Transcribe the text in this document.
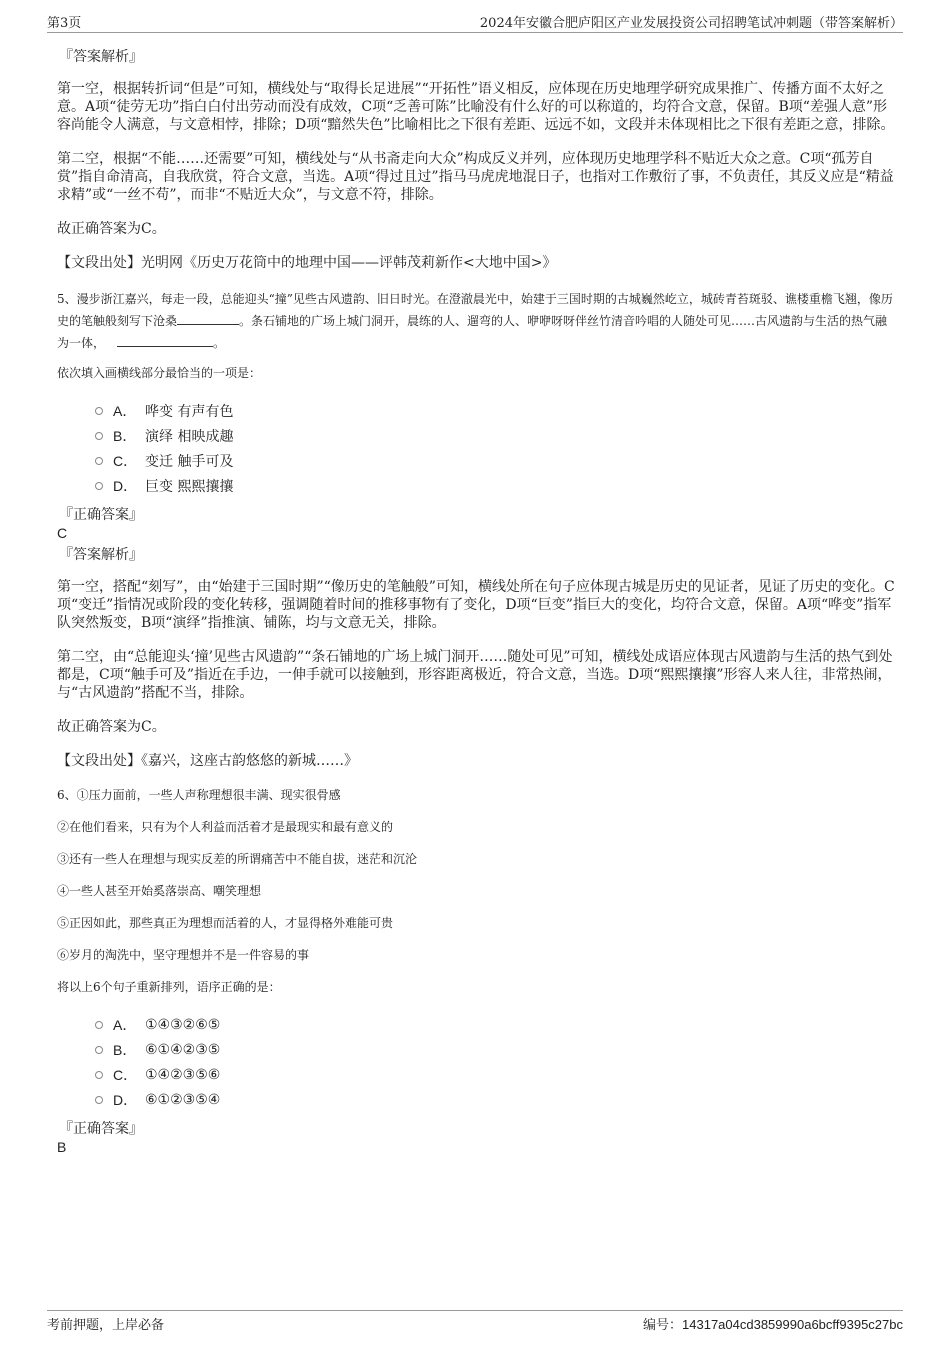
第3页	2024年安徽合肥庐阳区产业发展投资公司招聘笔试冲刺题（带答案解析）

『答案解析』

第一空，根据转折词“但是”可知，横线处与“取得长足进展”“开拓性”语义相反，应体现在历史地理学研究成果推广、传播方面不太好之意。A项“徒劳无功”指白白付出劳动而没有成效，C项“乏善可陈”比喻没有什么好的可以称道的，均符合文意，保留。B项“差强人意”形容尚能令人满意，与文意相悖，排除；D项“黯然失色”比喻相比之下很有差距、远远不如，文段并未体现相比之下很有差距之意，排除。

第二空，根据“不能……还需要”可知，横线处与“从书斋走向大众”构成反义并列，应体现历史地理学科不贴近大众之意。C项“孤芳自赏”指自命清高，自我欣赏，符合文意，当选。A项“得过且过”指马马虎虎地混日子，也指对工作敷衍了事，不负责任，其反义应是“精益求精”或“一丝不苟”，而非“不贴近大众”，与文意不符，排除。

故正确答案为C。

【文段出处】光明网《历史万花筒中的地理中国——评韩茂莉新作<大地中国>》

5、漫步浙江嘉兴，每走一段，总能迎头“撞”见些古风遗韵、旧日时光。在澄澈晨光中，始建于三国时期的古城巍然屹立，城砖青苔斑驳、谯楼重檐飞翘，像历史的笔触般刻写下沧桑	。条石铺地的广场上城门洞开，晨练的人、遛弯的人、咿咿呀呀伴丝竹清音吟唱的人随处可见……古风遗韵与生活的热气融为一体，	。

依次填入画横线部分最恰当的一项是：

A． 哗变 有声有色
B． 演绎 相映成趣
C． 变迁 触手可及
D． 巨变 熙熙攘攘

『正确答案』

C

『答案解析』

第一空，搭配“刻写”，由“始建于三国时期”“像历史的笔触般”可知，横线处所在句子应体现古城是历史的见证者，见证了历史的变化。C项“变迁”指情况或阶段的变化转移，强调随着时间的推移事物有了变化，D项“巨变”指巨大的变化，均符合文意，保留。A项“哗变”指军队突然叛变，B项“演绎”指推演、铺陈，均与文意无关，排除。

第二空，由“总能迎头‘撞’见些古风遗韵”“条石铺地的广场上城门洞开……随处可见”可知，横线处成语应体现古风遗韵与生活的热气到处都是，C项“触手可及”指近在手边，一伸手就可以接触到，形容距离极近，符合文意，当选。D项“熙熙攘攘”形容人来人往，非常热闹，与“古风遗韵”搭配不当，排除。

故正确答案为C。

【文段出处】《嘉兴，这座古韵悠悠的新城……》

6、①压力面前，一些人声称理想很丰满、现实很骨感

②在他们看来，只有为个人利益而活着才是最现实和最有意义的

③还有一些人在理想与现实反差的所谓痛苦中不能自拔，迷茫和沉沦

④一些人甚至开始奚落崇高、嘲笑理想

⑤正因如此，那些真正为理想而活着的人，才显得格外难能可贵

⑥岁月的淘洗中，坚守理想并不是一件容易的事

将以上6个句子重新排列，语序正确的是：

A． ①④③②⑥⑤
B． ⑥①④②③⑤
C． ①④②③⑤⑥
D． ⑥①②③⑤④

『正确答案』

B

考前押题，上岸必备	编号：14317a04cd3859990a6bcff9395c27bc
